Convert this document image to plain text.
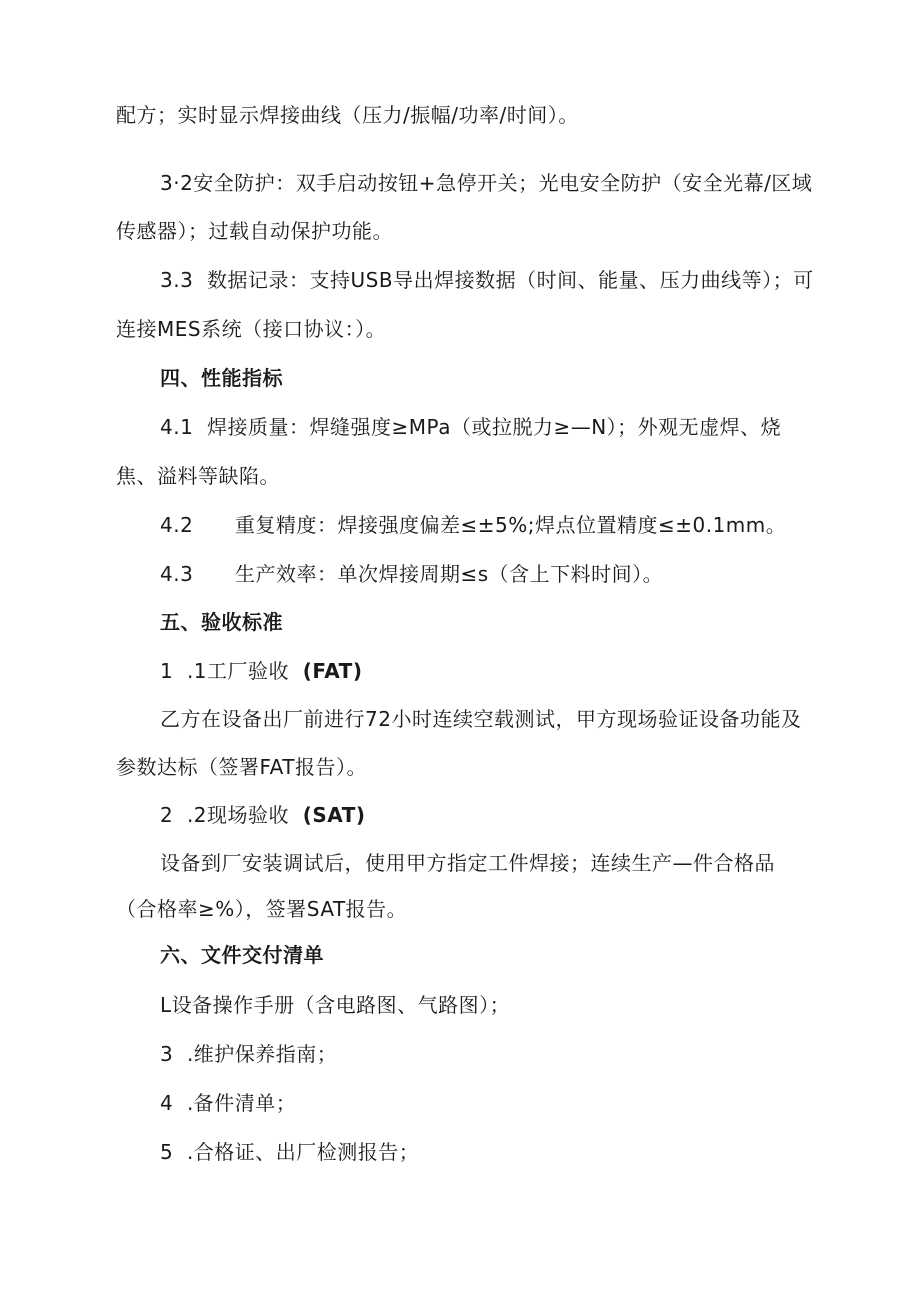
配方；实时显示焊接曲线（压力/振幅/功率/时间）。
3·2安全防护：双手启动按钮+急停开关；光电安全防护（安全光幕/区域
传感器）；过载自动保护功能。
3.3  数据记录：支持USB导出焊接数据（时间、能量、压力曲线等）；可
连接MES系统（接口协议：）。
四、性能指标
4.1  焊接质量：焊缝强度≥MPa（或拉脱力≥—N）；外观无虚焊、烧
焦、溢料等缺陷。
4.2 重复精度：焊接强度偏差≤±5%;焊点位置精度≤±0.1mm。
4.3 生产效率：单次焊接周期≤s（含上下料时间）。
五、验收标准
1  .1工厂验收 (FAT)
乙方在设备出厂前进行72小时连续空载测试，甲方现场验证设备功能及
参数达标（签署FAT报告）。
2  .2现场验收 (SAT)
设备到厂安装调试后，使用甲方指定工件焊接；连续生产—件合格品
（合格率≥%），签署SAT报告。
六、文件交付清单
L设备操作手册（含电路图、气路图）；
3  .维护保养指南；
4  .备件清单；
5  .合格证、出厂检测报告；
